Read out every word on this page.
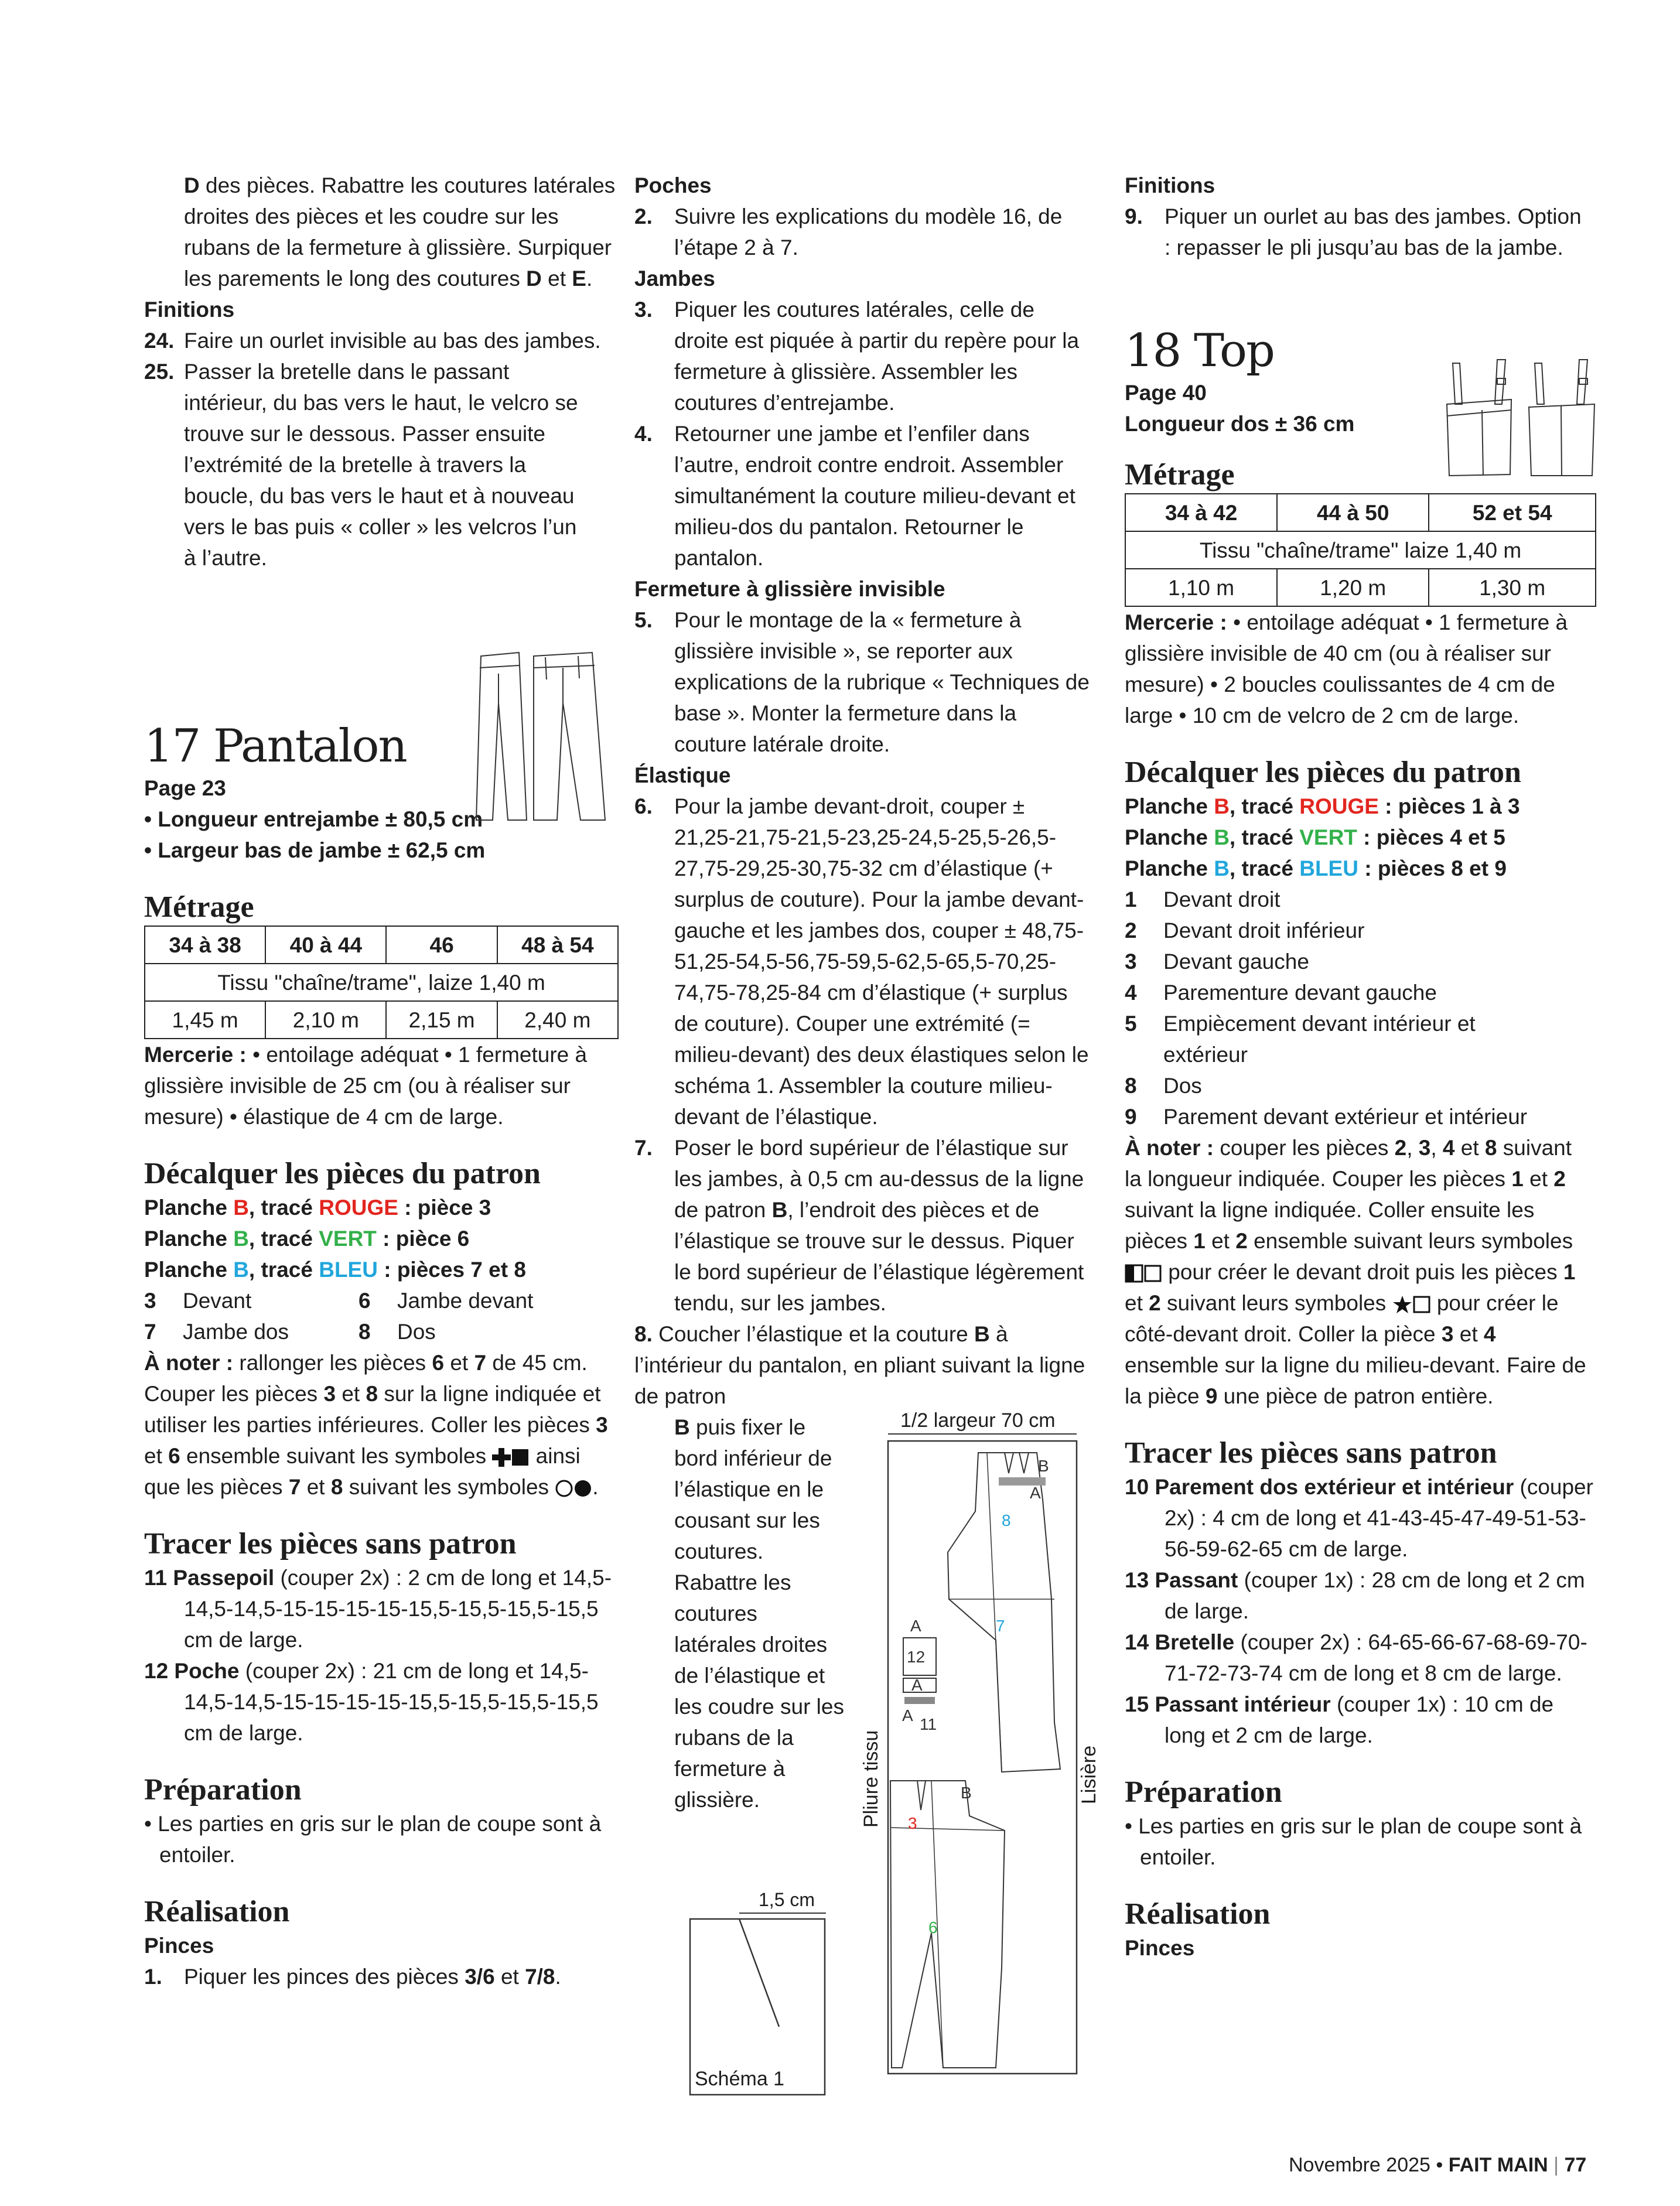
D des pièces. Rabattre les coutures latérales droites des pièces et les coudre sur les rubans de la fermeture à glissière. Surpiquer les parements le long des coutures D et E.
Finitions
24. Faire un ourlet invisible au bas des jambes.
25. Passer la bretelle dans le passant intérieur, du bas vers le haut, le velcro se trouve sur le dessous. Passer ensuite l’extrémité de la bretelle à travers la boucle, du bas vers le haut et à nouveau vers le bas puis « coller » les velcros l’un à l’autre.
17 Pantalon
Page 23
• Longueur entrejambe ± 80,5 cm
• Largeur bas de jambe ± 62,5 cm
Métrage
34 à 38	40 à 44	46	48 à 54
Tissu "chaîne/trame", laize 1,40 m			
1,45 m	2,10 m	2,15 m	2,40 m
Mercerie : • entoilage adéquat • 1 fermeture à glissière invisible de 25 cm (ou à réaliser sur mesure) • élastique de 4 cm de large.
Décalquer les pièces du patron
Planche B, tracé ROUGE : pièce 3
Planche B, tracé VERT : pièce 6
Planche B, tracé BLEU : pièces 7 et 8
3	Devant	6	Jambe devant
7	Jambe dos	8	Dos
À noter : rallonger les pièces 6 et 7 de 45 cm. Couper les pièces 3 et 8 sur la ligne indiquée et utiliser les parties inférieures. Coller les pièces 3 et 6 ensemble suivant les symboles ainsi que les pièces 7 et 8 suivant les symboles .
Tracer les pièces sans patron
11 Passepoil (couper 2x) : 2 cm de long et 14,5-14,5-14,5-15-15-15-15-15,5-15,5-15,5-15,5 cm de large.
12 Poche (couper 2x) : 21 cm de long et 14,5-14,5-14,5-15-15-15-15-15,5-15,5-15,5-15,5 cm de large.
Préparation
• Les parties en gris sur le plan de coupe sont à entoiler.
Réalisation
Pinces
1.	Piquer les pinces des pièces 3/6 et 7/8.
Poches
2.	Suivre les explications du modèle 16, de l’étape 2 à 7.
Jambes
3.	Piquer les coutures latérales, celle de droite est piquée à partir du repère pour la fermeture à glissière. Assembler les coutures d’entrejambe.
4.	Retourner une jambe et l’enfiler dans l’autre, endroit contre endroit. Assembler simultanément la couture milieu-devant et milieu-dos du pantalon. Retourner le pantalon.
Fermeture à glissière invisible
5.	Pour le montage de la « fermeture à glissière invisible », se reporter aux explications de la rubrique « Techniques de base ». Monter la fermeture dans la couture latérale droite.
Élastique
6.	Pour la jambe devant-droit, couper ± 21,25-21,75-21,5-23,25-24,5-25,5-26,5-27,75-29,25-30,75-32 cm d’élastique (+ surplus de couture). Pour la jambe devant-gauche et les jambes dos, couper ± 48,75-51,25-54,5-56,75-59,5-62,5-65,5-70,25-74,75-78,25-84 cm d’élastique (+ surplus de couture). Couper une extrémité (= milieu-devant) des deux élastiques selon le schéma 1. Assembler la couture milieu-devant de l’élastique.
7.	Poser le bord supérieur de l’élastique sur les jambes, à 0,5 cm au-dessus de la ligne de patron B, l’endroit des pièces et de l’élastique se trouve sur le dessus. Piquer le bord supérieur de l’élastique légèrement tendu, sur les jambes.
8. Coucher l’élastique et la couture B à l’intérieur du pantalon, en pliant suivant la ligne de patron
B puis fixer le bord inférieur de l’élastique en le cousant sur les coutures. Rabattre les coutures latérales droites de l’élastique et les coudre sur les rubans de la fermeture à glissière.
1/2 largeur 70 cm
8
7
B
A
A
12
A
A 11
3
6
B
Pliure tissu	Lisière
1,5 cm
Schéma 1
Finitions
9.	Piquer un ourlet au bas des jambes. Option : repasser le pli jusqu’au bas de la jambe.
18 Top
Page 40
Longueur dos ± 36 cm
Métrage
34 à 42	44 à 50	52 et 54
Tissu "chaîne/trame" laize 1,40 m		
1,10 m	1,20 m	1,30 m
Mercerie : • entoilage adéquat • 1 fermeture à glissière invisible de 40 cm (ou à réaliser sur mesure) • 2 boucles coulissantes de 4 cm de large • 10 cm de velcro de 2 cm de large.
Décalquer les pièces du patron
Planche B, tracé ROUGE : pièces 1 à 3
Planche B, tracé VERT : pièces 4 et 5
Planche B, tracé BLEU : pièces 8 et 9
1	Devant droit
2	Devant droit inférieur
3	Devant gauche
4	Parementure devant gauche
5	Empiècement devant intérieur et extérieur
8	Dos
9	Parement devant extérieur et intérieur
À noter : couper les pièces 2, 3, 4 et 8 suivant la longueur indiquée. Couper les pièces 1 et 2 suivant la ligne indiquée. Coller ensuite les pièces 1 et 2 ensemble suivant leurs symboles  pour créer le devant droit puis les pièces 1 et 2 suivant leurs symboles pour créer le côté-devant droit. Coller la pièce 3 et 4 ensemble sur la ligne du milieu-devant. Faire de la pièce 9 une pièce de patron entière.
Tracer les pièces sans patron
10 Parement dos extérieur et intérieur (couper 2x) : 4 cm de long et 41-43-45-47-49-51-53-56-59-62-65 cm de large.
13 Passant (couper 1x) : 28 cm de long et 2 cm de large.
14 Bretelle (couper 2x) : 64-65-66-67-68-69-70-71-72-73-74 cm de long et 8 cm de large.
15 Passant intérieur (couper 1x) : 10 cm de long et 2 cm de large.
Préparation
• Les parties en gris sur le plan de coupe sont à entoiler.
Réalisation
Pinces
Novembre 2025 • FAIT MAIN | 77
